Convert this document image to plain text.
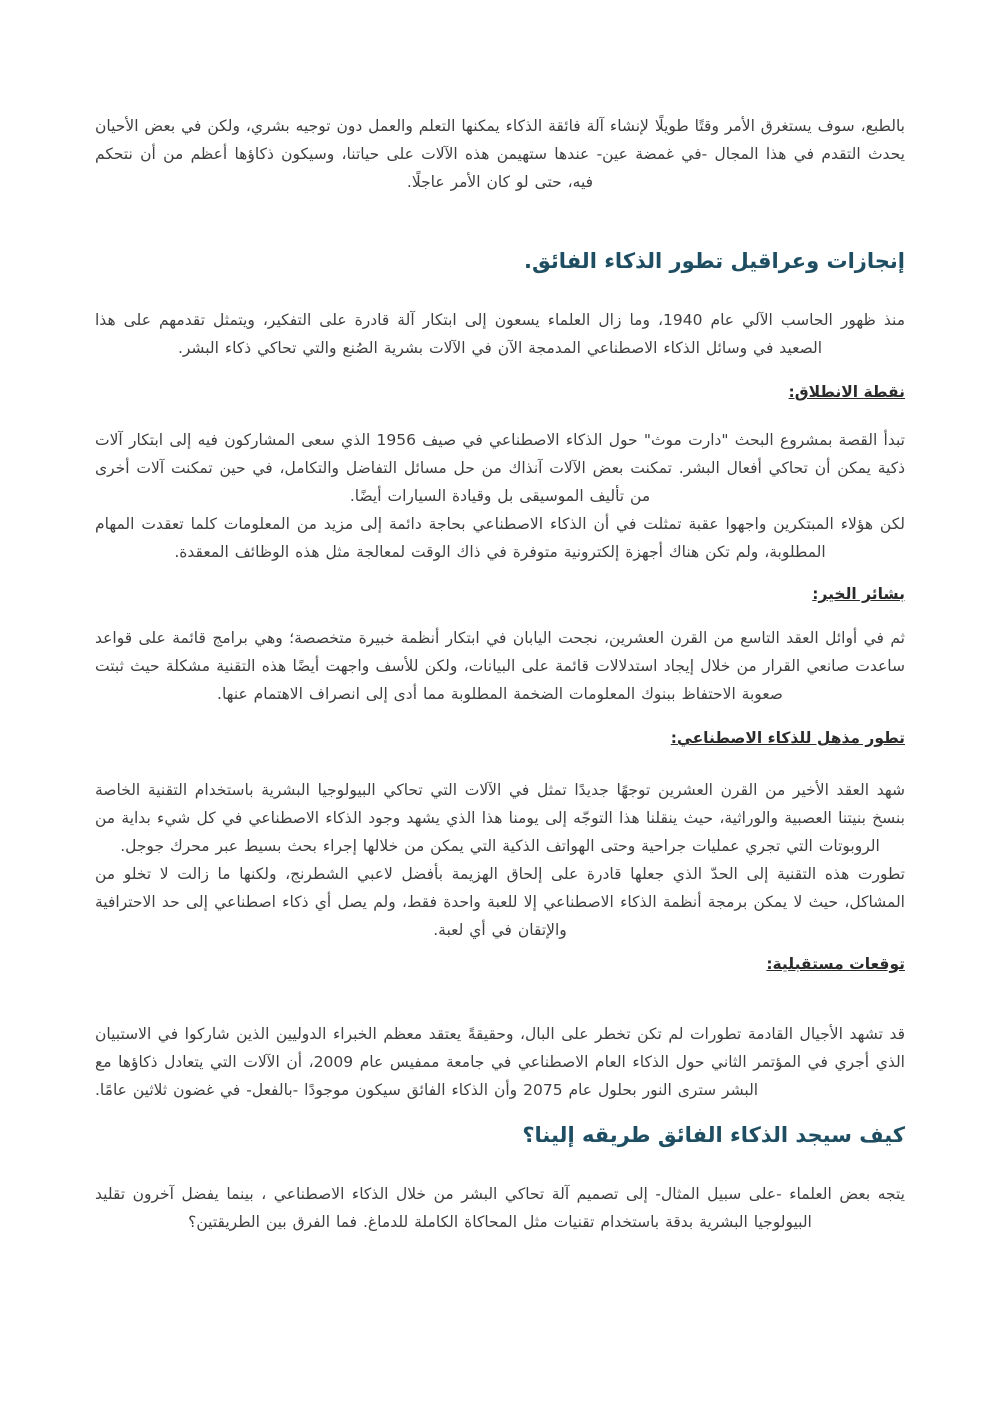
بالطبع، سوف يستغرق الأمر وقتًا طويلًا لإنشاء آلة فائقة الذكاء يمكنها التعلم والعمل دون توجيه بشري، ولكن في بعض الأحيان يحدث التقدم في هذا المجال -في غمضة عين- عندها ستهيمن هذه الآلات على حياتنا، وسيكون ذكاؤها أعظم من أن نتحكم فيه، حتى لو كان الأمر عاجلًا.

إنجازات وعراقيل تطور الذكاء الفائق.

منذ ظهور الحاسب الآلي عام 1940، وما زال العلماء يسعون إلى ابتكار آلة قادرة على التفكير، ويتمثل تقدمهم على هذا الصعيد في وسائل الذكاء الاصطناعي المدمجة الآن في الآلات بشرية الصُنع والتي تحاكي ذكاء البشر.

نقطة الانطلاق:

تبدأ القصة بمشروع البحث "دارت موث" حول الذكاء الاصطناعي في صيف 1956 الذي سعى المشاركون فيه إلى ابتكار آلات ذكية يمكن أن تحاكي أفعال البشر. تمكنت بعض الآلات آنذاك من حل مسائل التفاضل والتكامل، في حين تمكنت آلات أخرى من تأليف الموسيقى بل وقيادة السيارات أيضًا.

لكن هؤلاء المبتكرين واجهوا عقبة تمثلت في أن الذكاء الاصطناعي بحاجة دائمة إلى مزيد من المعلومات كلما تعقدت المهام المطلوبة، ولم تكن هناك أجهزة إلكترونية متوفرة في ذاك الوقت لمعالجة مثل هذه الوظائف المعقدة.

بشائر الخير:

ثم في أوائل العقد التاسع من القرن العشرين، نجحت اليابان في ابتكار أنظمة خبيرة متخصصة؛ وهي برامج قائمة على قواعد ساعدت صانعي القرار من خلال إيجاد استدلالات قائمة على البيانات، ولكن للأسف واجهت أيضًا هذه التقنية مشكلة حيث ثبتت صعوبة الاحتفاظ ببنوك المعلومات الضخمة المطلوبة مما أدى إلى انصراف الاهتمام عنها.

تطور مذهل للذكاء الاصطناعي:

شهد العقد الأخير من القرن العشرين توجهًا جديدًا تمثل في الآلات التي تحاكي البيولوجيا البشرية باستخدام التقنية الخاصة بنسخ بنيتنا العصبية والوراثية، حيث ينقلنا هذا التوجّه إلى يومنا هذا الذي يشهد وجود الذكاء الاصطناعي في كل شيء بداية من الروبوتات التي تجري عمليات جراحية وحتى الهواتف الذكية التي يمكن من خلالها إجراء بحث بسيط عبر محرك جوجل.

تطورت هذه التقنية إلى الحدّ الذي جعلها قادرة على إلحاق الهزيمة بأفضل لاعبي الشطرنج، ولكنها ما زالت لا تخلو من المشاكل، حيث لا يمكن برمجة أنظمة الذكاء الاصطناعي إلا للعبة واحدة فقط، ولم يصل أي ذكاء اصطناعي إلى حد الاحترافية والإتقان في أي لعبة.

توقعات مستقبلية:

قد تشهد الأجيال القادمة تطورات لم تكن تخطر على البال، وحقيقةً يعتقد معظم الخبراء الدوليين الذين شاركوا في الاستبيان الذي أجري في المؤتمر الثاني حول الذكاء العام الاصطناعي في جامعة ممفيس عام 2009، أن الآلات التي يتعادل ذكاؤها مع البشر سترى النور بحلول عام 2075 وأن الذكاء الفائق سيكون موجودًا -بالفعل- في غضون ثلاثين عامًا.

كيف سيجد الذكاء الفائق طريقه إلينا؟

يتجه بعض العلماء -على سبيل المثال- إلى تصميم آلة تحاكي البشر من خلال الذكاء الاصطناعي ، بينما يفضل آخرون تقليد البيولوجيا البشرية بدقة باستخدام تقنيات مثل المحاكاة الكاملة للدماغ. فما الفرق بين الطريقتين؟
